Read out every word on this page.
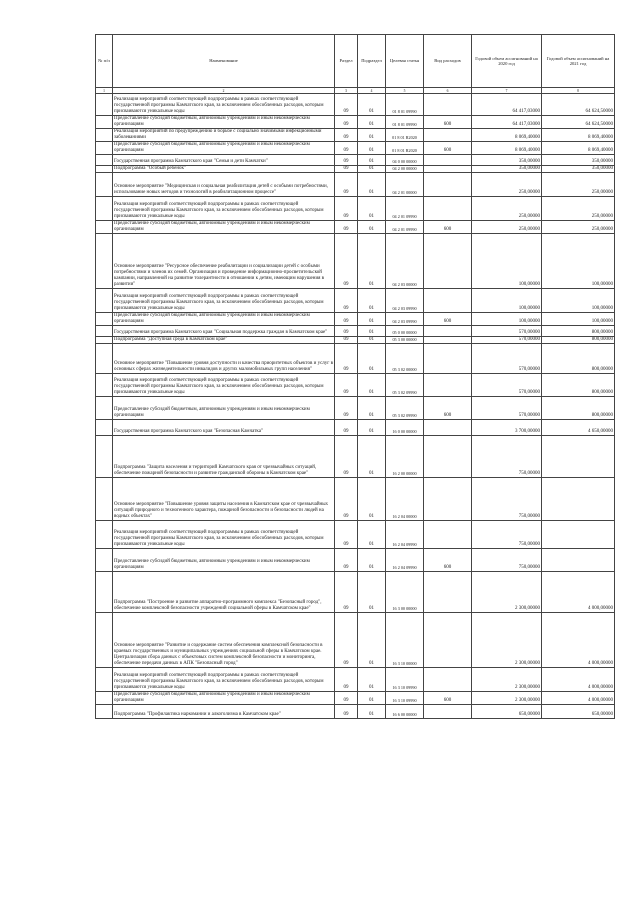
№ п/п	Наименование	Раздел	Подраздел	Целевая статья	Вид расходов	Годовой объем ассигнований на 2020 год	Годовой объем ассигнований на 2021 год
1	2	3	4	5	6	7	8
	Реализация мероприятий соответствующей подпрограммы в рамках соответствующей государственной программы Камчатского края, за исключением обособленных расходов, которым присваиваются уникальные коды	09	01	01 8 01 09990		64 417,03000	64 624,50000
	Предоставление субсидий бюджетным, автономным учреждениям и иным некоммерческим организациям	09	01	01 8 01 09990	600	64 417,03000	64 624,50000
	Реализация мероприятий по предупреждению и борьбе с социально значимыми инфекционными заболеваниями	09	01	01 8 01 R2020		8 069,40000	8 069,40000
	Предоставление субсидий бюджетным, автономным учреждениям и иным некоммерческим организациям	09	01	01 8 01 R2020	600	8 069,40000	8 069,40000
	Государственная программа Камчатского края "Семья и дети Камчатки"	09	01	04 0 00 00000		350,00000	350,00000
	Подпрограмма "Особый ребенок"	09	01	04 2 00 00000		350,00000	350,00000
	Основное мероприятие "Медицинская и социальная реабилитация детей с особыми потребностями, использование новых методов и технологий в реабилитационном процессе"	09	01	04 2 01 00000		250,00000	250,00000
	Реализация мероприятий соответствующей подпрограммы в рамках соответствующей государственной программы Камчатского края, за исключением обособленных расходов, которым присваиваются уникальные коды	09	01	04 2 01 09990		250,00000	250,00000
	Предоставление субсидий бюджетным, автономным учреждениям и иным некоммерческим организациям	09	01	04 2 01 09990	600	250,00000	250,00000
	Основное мероприятие "Ресурсное обеспечение реабилитации и социализации детей с особыми потребностями и членов их семей. Организация и проведение информационно-просветительской кампании, направленной на развитие толерантности в отношении к детям, имеющим нарушения в развитии"	09	01	04 2 03 00000		100,00000	100,00000
	Реализация мероприятий соответствующей подпрограммы в рамках соответствующей государственной программы Камчатского края, за исключением обособленных расходов, которым присваиваются уникальные коды	09	01	04 2 03 09990		100,00000	100,00000
	Предоставление субсидий бюджетным, автономным учреждениям и иным некоммерческим организациям	09	01	04 2 03 09990	600	100,00000	100,00000
	Государственная программа Камчатского края "Социальная поддержка граждан в Камчатском крае"	09	01	05 0 00 00000		570,00000	800,00000
	Подпрограмма "Доступная среда в Камчатском крае"	09	01	05 3 00 00000		570,00000	800,00000
	Основное мероприятие "Повышение уровня доступности и качества приоритетных объектов и услуг в основных сферах жизнедеятельности инвалидов и других маломобильных групп населения"	09	01	05 3 02 00000		570,00000	800,00000
	Реализация мероприятий соответствующей подпрограммы в рамках соответствующей государственной программы Камчатского края, за исключением обособленных расходов, которым присваиваются уникальные коды	09	01	05 3 02 09990		570,00000	800,00000
	Предоставление субсидий бюджетным, автономным учреждениям и иным некоммерческим организациям	09	01	05 3 02 09990	600	570,00000	800,00000
	Государственная программа Камчатского края "Безопасная Камчатка"	09	01	16 0 00 00000		3 700,00000	4 650,00000
	Подпрограмма "Защита населения и территорий Камчатского края от чрезвычайных ситуаций, обеспечение пожарной безопасности и развитие гражданской обороны в Камчатском крае"	09	01	16 2 00 00000		750,00000	
	Основное мероприятие "Повышение уровня защиты населения в Камчатском крае от чрезвычайных ситуаций природного и техногенного характера, пожарной безопасности и безопасности людей на водных объектах"	09	01	16 2 04 00000		750,00000	
	Реализация мероприятий соответствующей подпрограммы в рамках соответствующей государственной программы Камчатского края, за исключением обособленных расходов, которым присваиваются уникальные коды	09	01	16 2 04 09990		750,00000	
	Предоставление субсидий бюджетным, автономным учреждениям и иным некоммерческим организациям	09	01	16 2 04 09990	600	750,00000	
	Подпрограмма "Построение и развитие аппаратно-программного комплекса "Безопасный город", обеспечение комплексной безопасности учреждений социальной сферы в Камчатском крае"	09	01	16 3 00 00000		2 300,00000	4 000,00000
	Основное мероприятие "Развитие и содержание систем обеспечения комплексной безопасности в краевых государственных и муниципальных учреждениях социальной сферы в Камчатском крае. Централизация сбора данных с объектовых систем комплексной безопасности и мониторинга, обеспечение передачи данных в АПК "Безопасный город"	09	01	16 3 10 00000		2 300,00000	4 000,00000
	Реализация мероприятий соответствующей подпрограммы в рамках соответствующей государственной программы Камчатского края, за исключением обособленных расходов, которым присваиваются уникальные коды	09	01	16 3 10 09990		2 300,00000	4 000,00000
	Предоставление субсидий бюджетным, автономным учреждениям и иным некоммерческим организациям	09	01	16 3 10 09990	600	2 300,00000	4 000,00000
	Подпрограмма "Профилактика наркомании и алкоголизма в Камчатском крае"	09	01	16 6 00 00000		650,00000	650,00000
